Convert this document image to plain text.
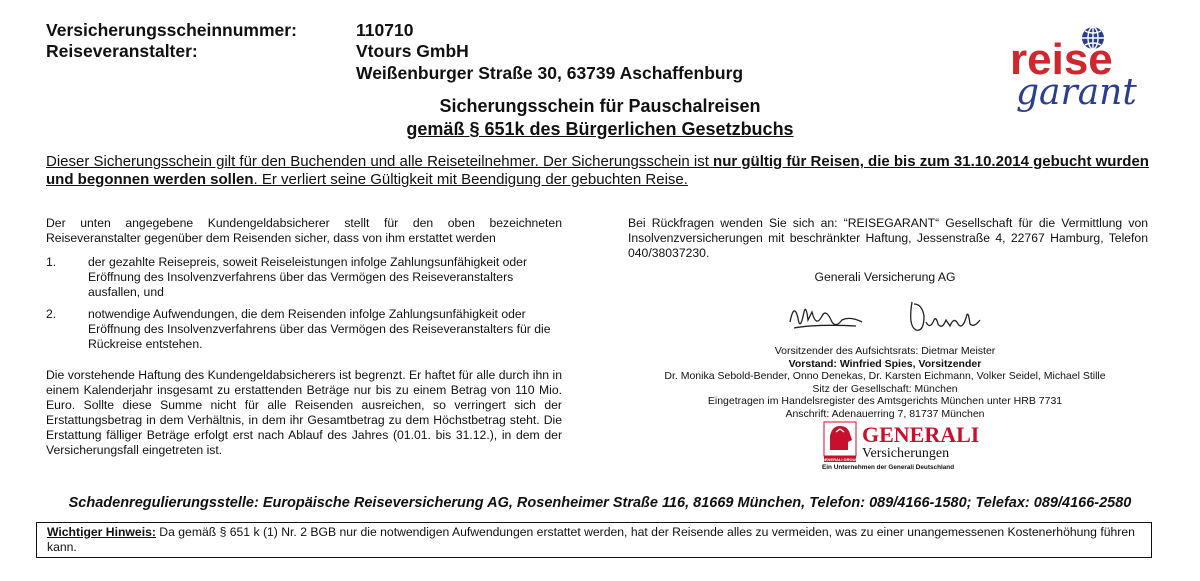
Versicherungsscheinnummer:	110710
Reiseveranstalter:	Vtours GmbH
Weißenburger Straße 30, 63739 Aschaffenburg	reise
garant
Sicherungsschein für Pauschalreisen
gemäß § 651k des Bürgerlichen Gesetzbuchs
Dieser Sicherungsschein gilt für den Buchenden und alle Reiseteilnehmer. Der Sicherungsschein ist nur gültig für Reisen, die bis zum 31.10.2014 gebucht wurden und begonnen werden sollen. Er verliert seine Gültigkeit mit Beendigung der gebuchten Reise.
Der unten angegebene Kundengeldabsicherer stellt für den oben bezeichneten Reiseveranstalter gegenüber dem Reisenden sicher, dass von ihm erstattet werden
1.	der gezahlte Reisepreis, soweit Reiseleistungen infolge Zahlungsunfähigkeit oder Eröffnung des Insolvenzverfahrens über das Vermögen des Reiseveranstalters ausfallen, und
2.	notwendige Aufwendungen, die dem Reisenden infolge Zahlungsunfähigkeit oder Eröffnung des Insolvenzverfahrens über das Vermögen des Reiseveranstalters für die Rückreise entstehen.
Die vorstehende Haftung des Kundengeldabsicherers ist begrenzt. Er haftet für alle durch ihn in einem Kalenderjahr insgesamt zu erstattenden Beträge nur bis zu einem Betrag von 110 Mio. Euro. Sollte diese Summe nicht für alle Reisenden ausreichen, so verringert sich der Erstattungsbetrag in dem Verhältnis, in dem ihr Gesamtbetrag zu dem Höchstbetrag steht. Die Erstattung fälliger Beträge erfolgt erst nach Ablauf des Jahres (01.01. bis 31.12.), in dem der Versicherungsfall eingetreten ist.
Bei Rückfragen wenden Sie sich an: “REISEGARANT“ Gesellschaft für die Vermittlung von Insolvenzversicherungen mit beschränkter Haftung, Jessenstraße 4, 22767 Hamburg, Telefon 040/38037230.
Generali Versicherung AG
Vorsitzender des Aufsichtsrats: Dietmar Meister
Vorstand: Winfried Spies, Vorsitzender
Dr. Monika Sebold-Bender, Onno Denekas, Dr. Karsten Eichmann, Volker Seidel, Michael Stille
Sitz der Gesellschaft: München
Eingetragen im Handelsregister des Amtsgerichts München unter HRB 7731
Anschrift: Adenauerring 7, 81737 München
GENERALI GROUP
GENERALI
Versicherungen
Ein Unternehmen der Generali Deutschland
Schadenregulierungsstelle: Europäische Reiseversicherung AG, Rosenheimer Straße 116, 81669 München, Telefon: 089/4166-1580; Telefax: 089/4166-2580
Wichtiger Hinweis: Da gemäß § 651 k (1) Nr. 2 BGB nur die notwendigen Aufwendungen erstattet werden, hat der Reisende alles zu vermeiden, was zu einer unangemessenen Kostenerhöhung führen kann.
